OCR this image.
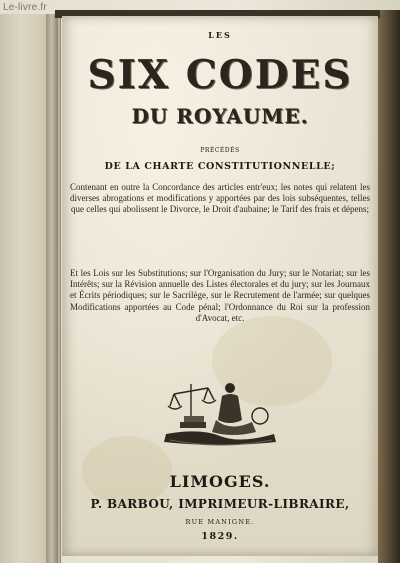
Le-livre.fr
LES
SIX CODES
DU ROYAUME.
PRÉCÉDÉS
DE LA CHARTE CONSTITUTIONNELLE;

Contenant en outre la Concordance des articles entr'eux; les notes qui relatent les diverses abrogations et modifications y apportées par des lois subséquentes, telles que celles qui abolissent le Divorce, le Droit d'aubaine; le Tarif des frais et dépens;

Et les Lois sur les Substitutions; sur l'Organisation du Jury; sur le Notariat; sur les Intérêts; sur la Révision annuelle des Listes électorales et du jury; sur les Journaux et Écrits périodiques; sur le Sacrilège, sur le Recrutement de l'armée; sur quelques Modifications apportées au Code pénal; l'Ordonnance du Roi sur la profession d'Avocat, etc.

LIMOGES.
P. BARBOU, IMPRIMEUR-LIBRAIRE,
RUE MANIGNE.
1829.
